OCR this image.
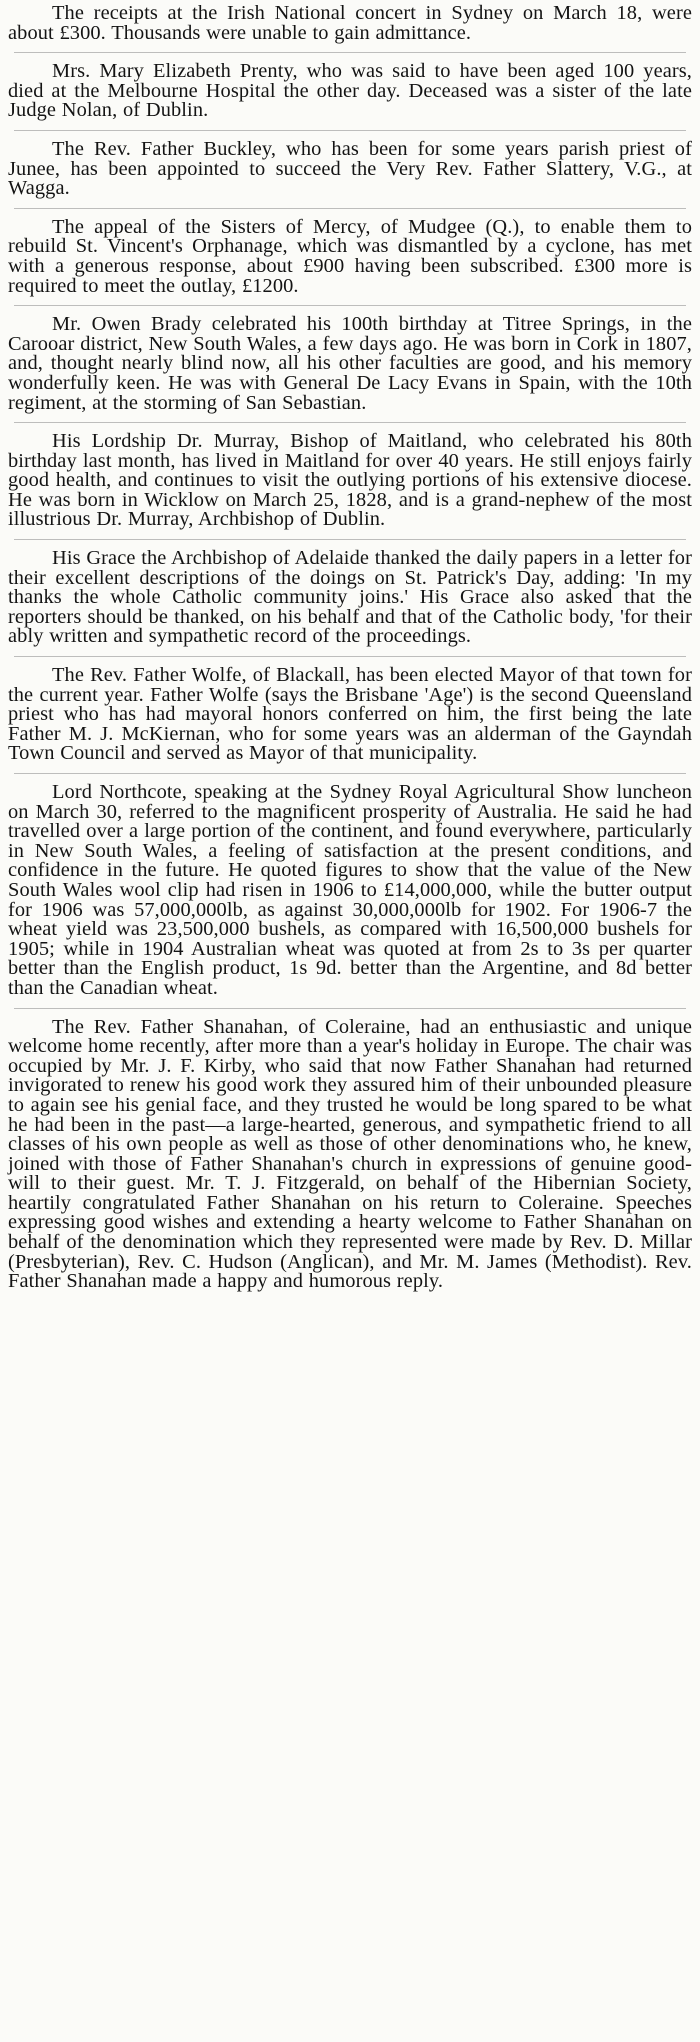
The receipts at the Irish National concert in Sydney on March 18, were about £300. Thousands were unable to gain admittance.

Mrs. Mary Elizabeth Prenty, who was said to have been aged 100 years, died at the Melbourne Hospital the other day. Deceased was a sister of the late Judge Nolan, of Dublin.

The Rev. Father Buckley, who has been for some years parish priest of Junee, has been appointed to succeed the Very Rev. Father Slattery, V.G., at Wagga.

The appeal of the Sisters of Mercy, of Mudgee (Q.), to enable them to rebuild St. Vincent's Orphanage, which was dismantled by a cyclone, has met with a generous response, about £900 having been subscribed. £300 more is required to meet the outlay, £1200.

Mr. Owen Brady celebrated his 100th birthday at Titree Springs, in the Carooar district, New South Wales, a few days ago. He was born in Cork in 1807, and, thought nearly blind now, all his other faculties are good, and his memory wonderfully keen. He was with General De Lacy Evans in Spain, with the 10th regiment, at the storming of San Sebastian.

His Lordship Dr. Murray, Bishop of Maitland, who celebrated his 80th birthday last month, has lived in Maitland for over 40 years. He still enjoys fairly good health, and continues to visit the outlying portions of his extensive diocese. He was born in Wicklow on March 25, 1828, and is a grand-nephew of the most illustrious Dr. Murray, Archbishop of Dublin.

His Grace the Archbishop of Adelaide thanked the daily papers in a letter for their excellent descriptions of the doings on St. Patrick's Day, adding: 'In my thanks the whole Catholic community joins.' His Grace also asked that the reporters should be thanked, on his behalf and that of the Catholic body, 'for their ably written and sympathetic record of the proceedings.

The Rev. Father Wolfe, of Blackall, has been elected Mayor of that town for the current year. Father Wolfe (says the Brisbane 'Age') is the second Queensland priest who has had mayoral honors conferred on him, the first being the late Father M. J. McKiernan, who for some years was an alderman of the Gayndah Town Council and served as Mayor of that municipality.

Lord Northcote, speaking at the Sydney Royal Agricultural Show luncheon on March 30, referred to the magnificent prosperity of Australia. He said he had travelled over a large portion of the continent, and found everywhere, particularly in New South Wales, a feeling of satisfaction at the present conditions, and confidence in the future. He quoted figures to show that the value of the New South Wales wool clip had risen in 1906 to £14,000,000, while the butter output for 1906 was 57,000,000lb, as against 30,000,000lb for 1902. For 1906-7 the wheat yield was 23,500,000 bushels, as compared with 16,500,000 bushels for 1905; while in 1904 Australian wheat was quoted at from 2s to 3s per quarter better than the English product, 1s 9d. better than the Argentine, and 8d better than the Canadian wheat.

The Rev. Father Shanahan, of Coleraine, had an enthusiastic and unique welcome home recently, after more than a year's holiday in Europe. The chair was occupied by Mr. J. F. Kirby, who said that now Father Shanahan had returned invigorated to renew his good work they assured him of their unbounded pleasure to again see his genial face, and they trusted he would be long spared to be what he had been in the past—a large-hearted, generous, and sympathetic friend to all classes of his own people as well as those of other denominations who, he knew, joined with those of Father Shanahan's church in expressions of genuine good-will to their guest. Mr. T. J. Fitzgerald, on behalf of the Hibernian Society, heartily congratulated Father Shanahan on his return to Coleraine. Speeches expressing good wishes and extending a hearty welcome to Father Shanahan on behalf of the denomination which they represented were made by Rev. D. Millar (Presbyterian), Rev. C. Hudson (Anglican), and Mr. M. James (Methodist). Rev. Father Shanahan made a happy and humorous reply.
